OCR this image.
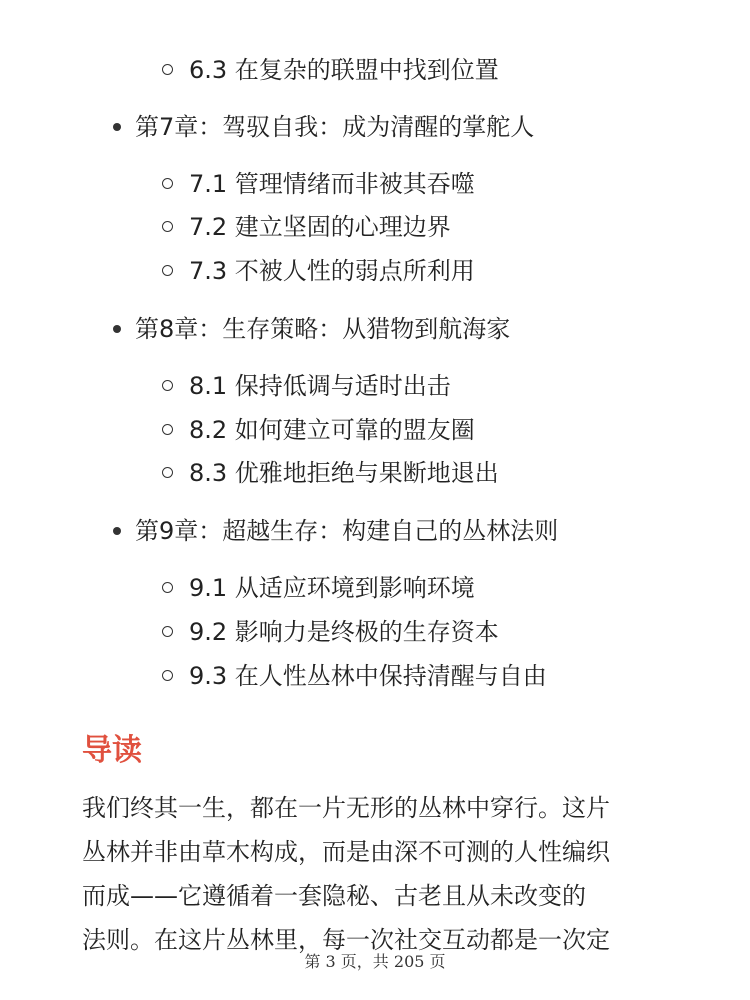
6.3 在复杂的联盟中找到位置
第7章：驾驭自我：成为清醒的掌舵人
7.1 管理情绪而非被其吞噬
7.2 建立坚固的心理边界
7.3 不被人性的弱点所利用
第8章：生存策略：从猎物到航海家
8.1 保持低调与适时出击
8.2 如何建立可靠的盟友圈
8.3 优雅地拒绝与果断地退出
第9章：超越生存：构建自己的丛林法则
9.1 从适应环境到影响环境
9.2 影响力是终极的生存资本
9.3 在人性丛林中保持清醒与自由
导读
我们终其一生，都在一片无形的丛林中穿行。这片
丛林并非由草木构成，而是由深不可测的人性编织
而成——它遵循着一套隐秘、古老且从未改变的
法则。在这片丛林里，每一次社交互动都是一次定
第 3 页，共 205 页
